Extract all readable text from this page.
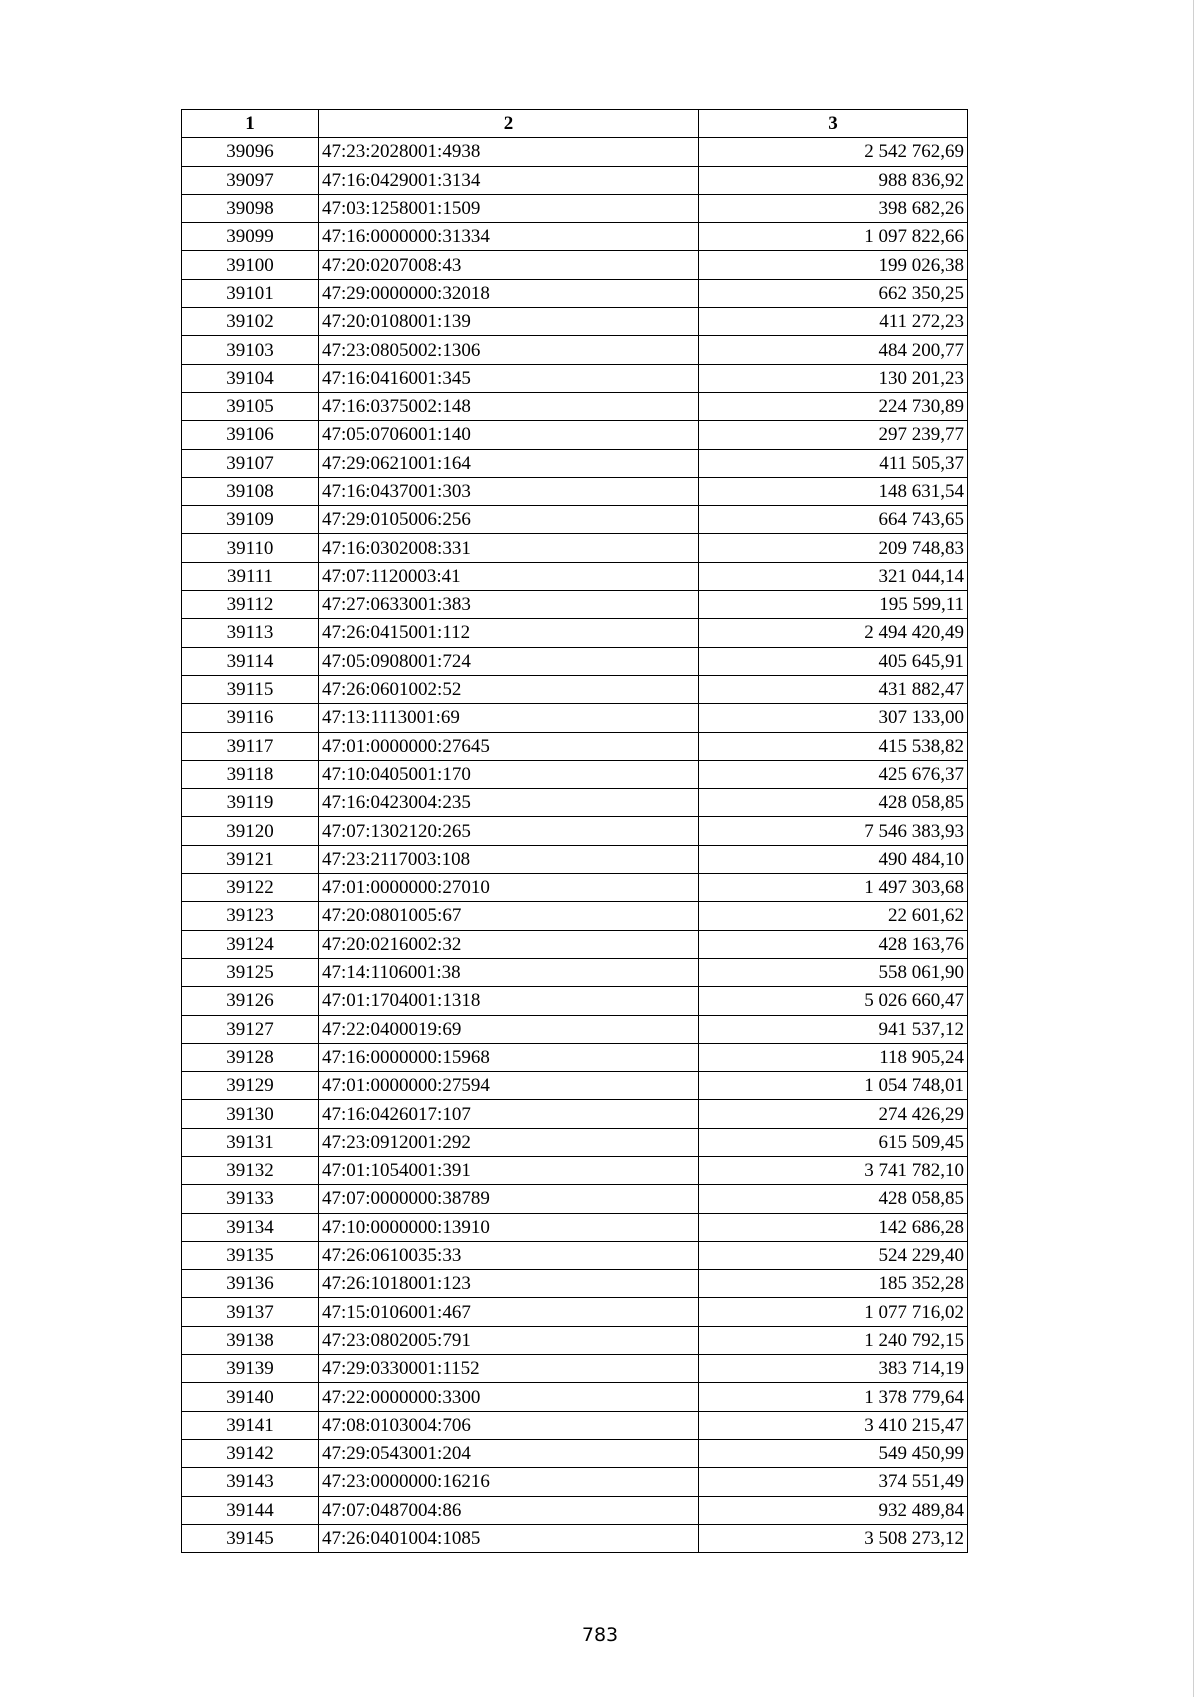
1	2	3
39096	47:23:2028001:4938	2 542 762,69
39097	47:16:0429001:3134	988 836,92
39098	47:03:1258001:1509	398 682,26
39099	47:16:0000000:31334	1 097 822,66
39100	47:20:0207008:43	199 026,38
39101	47:29:0000000:32018	662 350,25
39102	47:20:0108001:139	411 272,23
39103	47:23:0805002:1306	484 200,77
39104	47:16:0416001:345	130 201,23
39105	47:16:0375002:148	224 730,89
39106	47:05:0706001:140	297 239,77
39107	47:29:0621001:164	411 505,37
39108	47:16:0437001:303	148 631,54
39109	47:29:0105006:256	664 743,65
39110	47:16:0302008:331	209 748,83
39111	47:07:1120003:41	321 044,14
39112	47:27:0633001:383	195 599,11
39113	47:26:0415001:112	2 494 420,49
39114	47:05:0908001:724	405 645,91
39115	47:26:0601002:52	431 882,47
39116	47:13:1113001:69	307 133,00
39117	47:01:0000000:27645	415 538,82
39118	47:10:0405001:170	425 676,37
39119	47:16:0423004:235	428 058,85
39120	47:07:1302120:265	7 546 383,93
39121	47:23:2117003:108	490 484,10
39122	47:01:0000000:27010	1 497 303,68
39123	47:20:0801005:67	22 601,62
39124	47:20:0216002:32	428 163,76
39125	47:14:1106001:38	558 061,90
39126	47:01:1704001:1318	5 026 660,47
39127	47:22:0400019:69	941 537,12
39128	47:16:0000000:15968	118 905,24
39129	47:01:0000000:27594	1 054 748,01
39130	47:16:0426017:107	274 426,29
39131	47:23:0912001:292	615 509,45
39132	47:01:1054001:391	3 741 782,10
39133	47:07:0000000:38789	428 058,85
39134	47:10:0000000:13910	142 686,28
39135	47:26:0610035:33	524 229,40
39136	47:26:1018001:123	185 352,28
39137	47:15:0106001:467	1 077 716,02
39138	47:23:0802005:791	1 240 792,15
39139	47:29:0330001:1152	383 714,19
39140	47:22:0000000:3300	1 378 779,64
39141	47:08:0103004:706	3 410 215,47
39142	47:29:0543001:204	549 450,99
39143	47:23:0000000:16216	374 551,49
39144	47:07:0487004:86	932 489,84
39145	47:26:0401004:1085	3 508 273,12
783
